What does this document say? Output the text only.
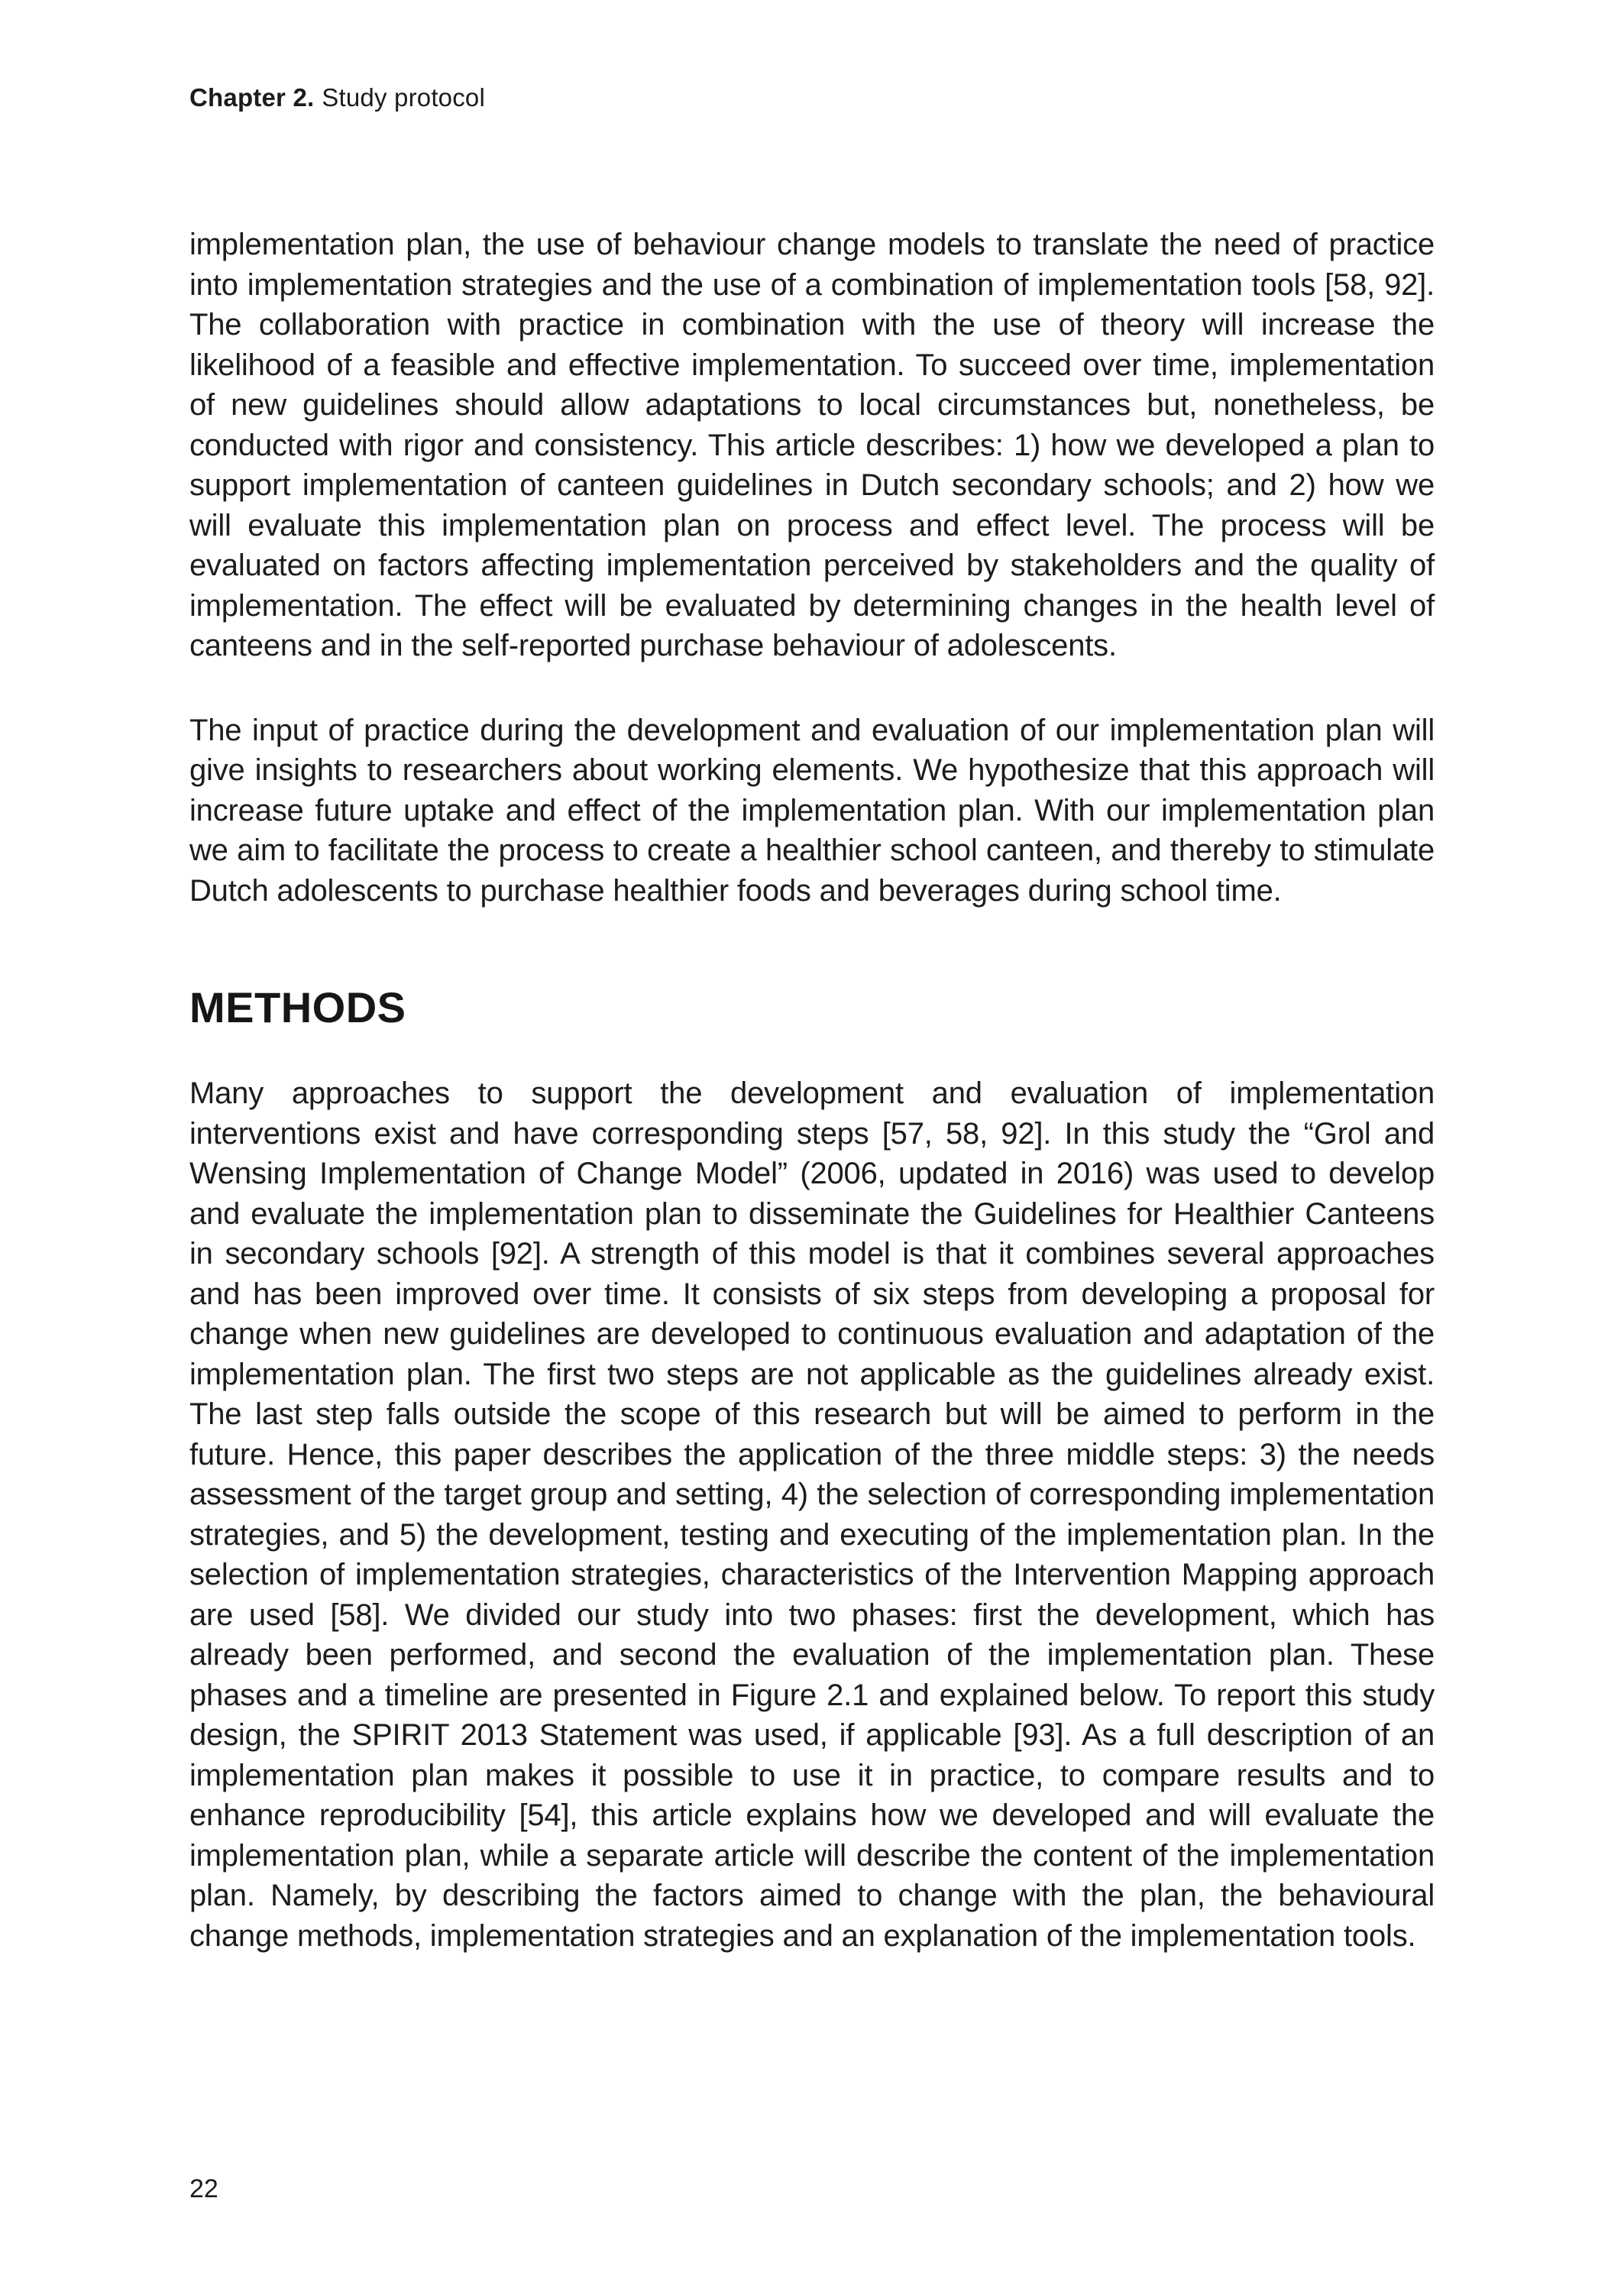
Chapter 2. Study protocol

implementation plan, the use of behaviour change models to translate the need of practice into implementation strategies and the use of a combination of implementation tools [58, 92]. The collaboration with practice in combination with the use of theory will increase the likelihood of a feasible and effective implementation. To succeed over time, implementation of new guidelines should allow adaptations to local circumstances but, nonetheless, be conducted with rigor and consistency. This article describes: 1) how we developed a plan to support implementation of canteen guidelines in Dutch secondary schools; and 2) how we will evaluate this implementation plan on process and effect level. The process will be evaluated on factors affecting implementation perceived by stakeholders and the quality of implementation. The effect will be evaluated by determining changes in the health level of canteens and in the self-reported purchase behaviour of adolescents.

The input of practice during the development and evaluation of our implementation plan will give insights to researchers about working elements. We hypothesize that this approach will increase future uptake and effect of the implementation plan. With our implementation plan we aim to facilitate the process to create a healthier school canteen, and thereby to stimulate Dutch adolescents to purchase healthier foods and beverages during school time.

METHODS

Many approaches to support the development and evaluation of implementation interventions exist and have corresponding steps [57, 58, 92]. In this study the “Grol and Wensing Implementation of Change Model” (2006, updated in 2016) was used to develop and evaluate the implementation plan to disseminate the Guidelines for Healthier Canteens in secondary schools [92]. A strength of this model is that it combines several approaches and has been improved over time. It consists of six steps from developing a proposal for change when new guidelines are developed to continuous evaluation and adaptation of the implementation plan. The first two steps are not applicable as the guidelines already exist. The last step falls outside the scope of this research but will be aimed to perform in the future. Hence, this paper describes the application of the three middle steps: 3) the needs assessment of the target group and setting, 4) the selection of corresponding implementation strategies, and 5) the development, testing and executing of the implementation plan. In the selection of implementation strategies, characteristics of the Intervention Mapping approach are used [58]. We divided our study into two phases: first the development, which has already been performed, and second the evaluation of the implementation plan. These phases and a timeline are presented in Figure 2.1 and explained below. To report this study design, the SPIRIT 2013 Statement was used, if applicable [93]. As a full description of an implementation plan makes it possible to use it in practice, to compare results and to enhance reproducibility [54], this article explains how we developed and will evaluate the implementation plan, while a separate article will describe the content of the implementation plan. Namely, by describing the factors aimed to change with the plan, the behavioural change methods, implementation strategies and an explanation of the implementation tools.

22
